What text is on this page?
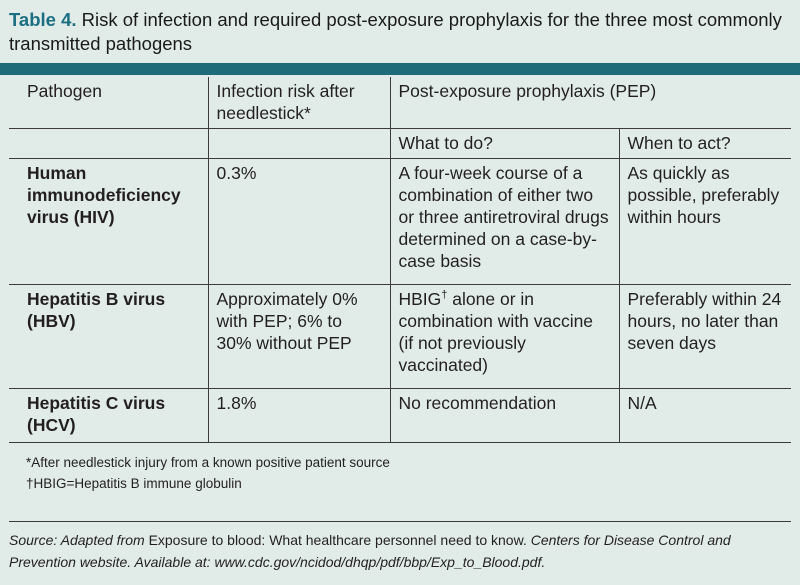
Table 4. Risk of infection and required post-exposure prophylaxis for the three most commonly transmitted pathogens
Pathogen	Infection risk after needlestick*	Post-exposure prophylaxis (PEP)	
		What to do?	When to act?
Human immunodeficiency virus (HIV)	0.3%	A four-week course of a combination of either two or three antiretroviral drugs determined on a case-by-case basis	As quickly as possible, preferably within hours
Hepatitis B virus (HBV)	Approximately 0% with PEP; 6% to 30% without PEP	HBIG† alone or in combination with vaccine (if not previously vaccinated)	Preferably within 24 hours, no later than seven days
Hepatitis C virus (HCV)	1.8%	No recommendation	N/A
*After needlestick injury from a known positive patient source
†HBIG=Hepatitis B immune globulin
Source: Adapted from Exposure to blood: What healthcare personnel need to know. Centers for Disease Control and Prevention website. Available at: www.cdc.gov/ncidod/dhqp/pdf/bbp/Exp_to_Blood.pdf.
